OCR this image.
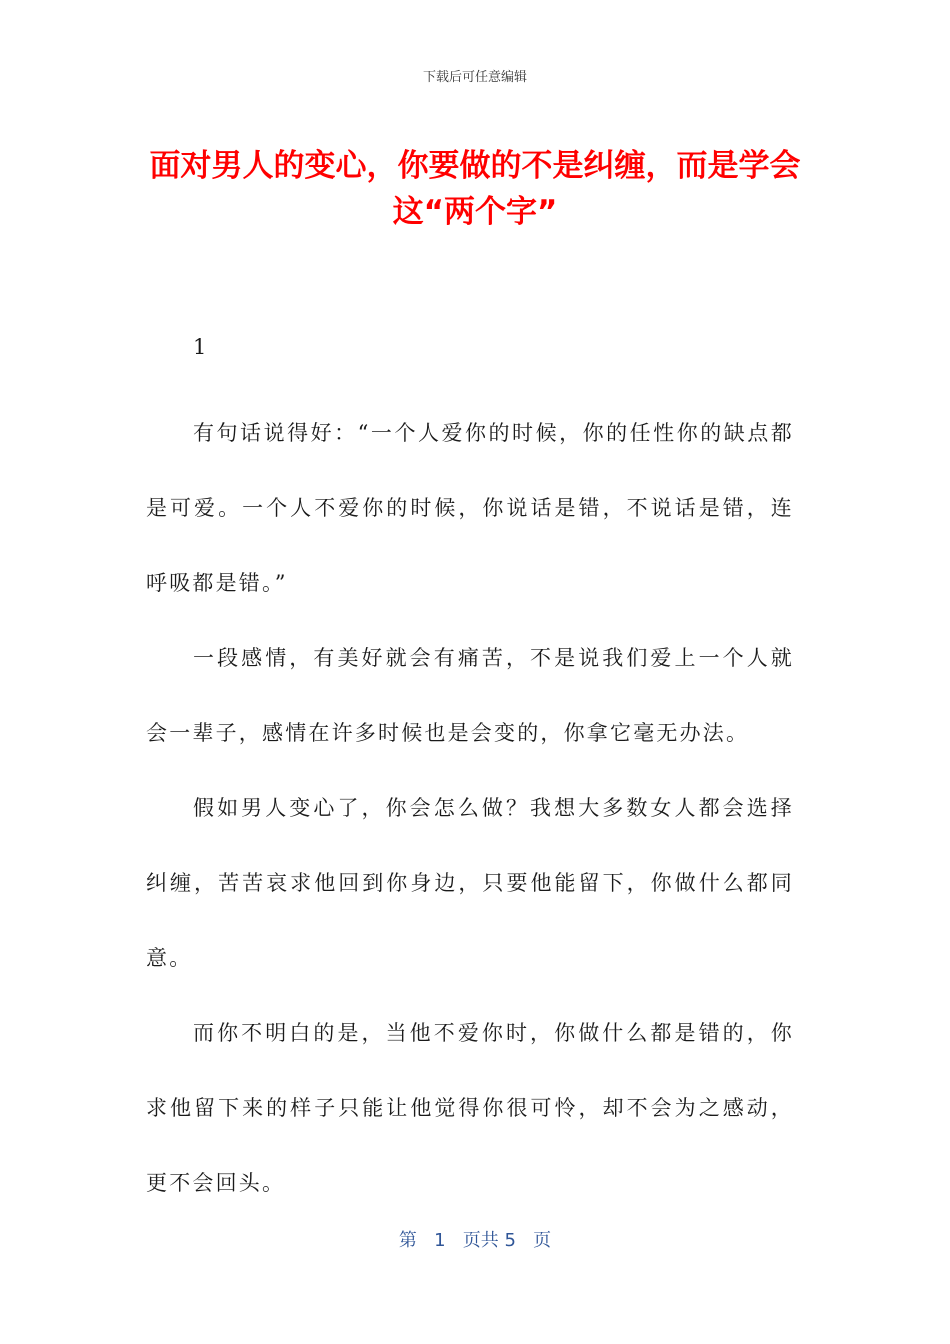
下载后可任意编辑
面对男人的变心，你要做的不是纠缠，而是学会这“两个字”

1

有句话说得好：“一个人爱你的时候，你的任性你的缺点都是可爱。一个人不爱你的时候，你说话是错，不说话是错，连呼吸都是错。”

一段感情，有美好就会有痛苦，不是说我们爱上一个人就会一辈子，感情在许多时候也是会变的，你拿它毫无办法。

假如男人变心了，你会怎么做？我想大多数女人都会选择纠缠，苦苦哀求他回到你身边，只要他能留下，你做什么都同意。

而你不明白的是，当他不爱你时，你做什么都是错的，你求他留下来的样子只能让他觉得你很可怜，却不会为之感动，更不会回头。

第 1 页共 5 页
